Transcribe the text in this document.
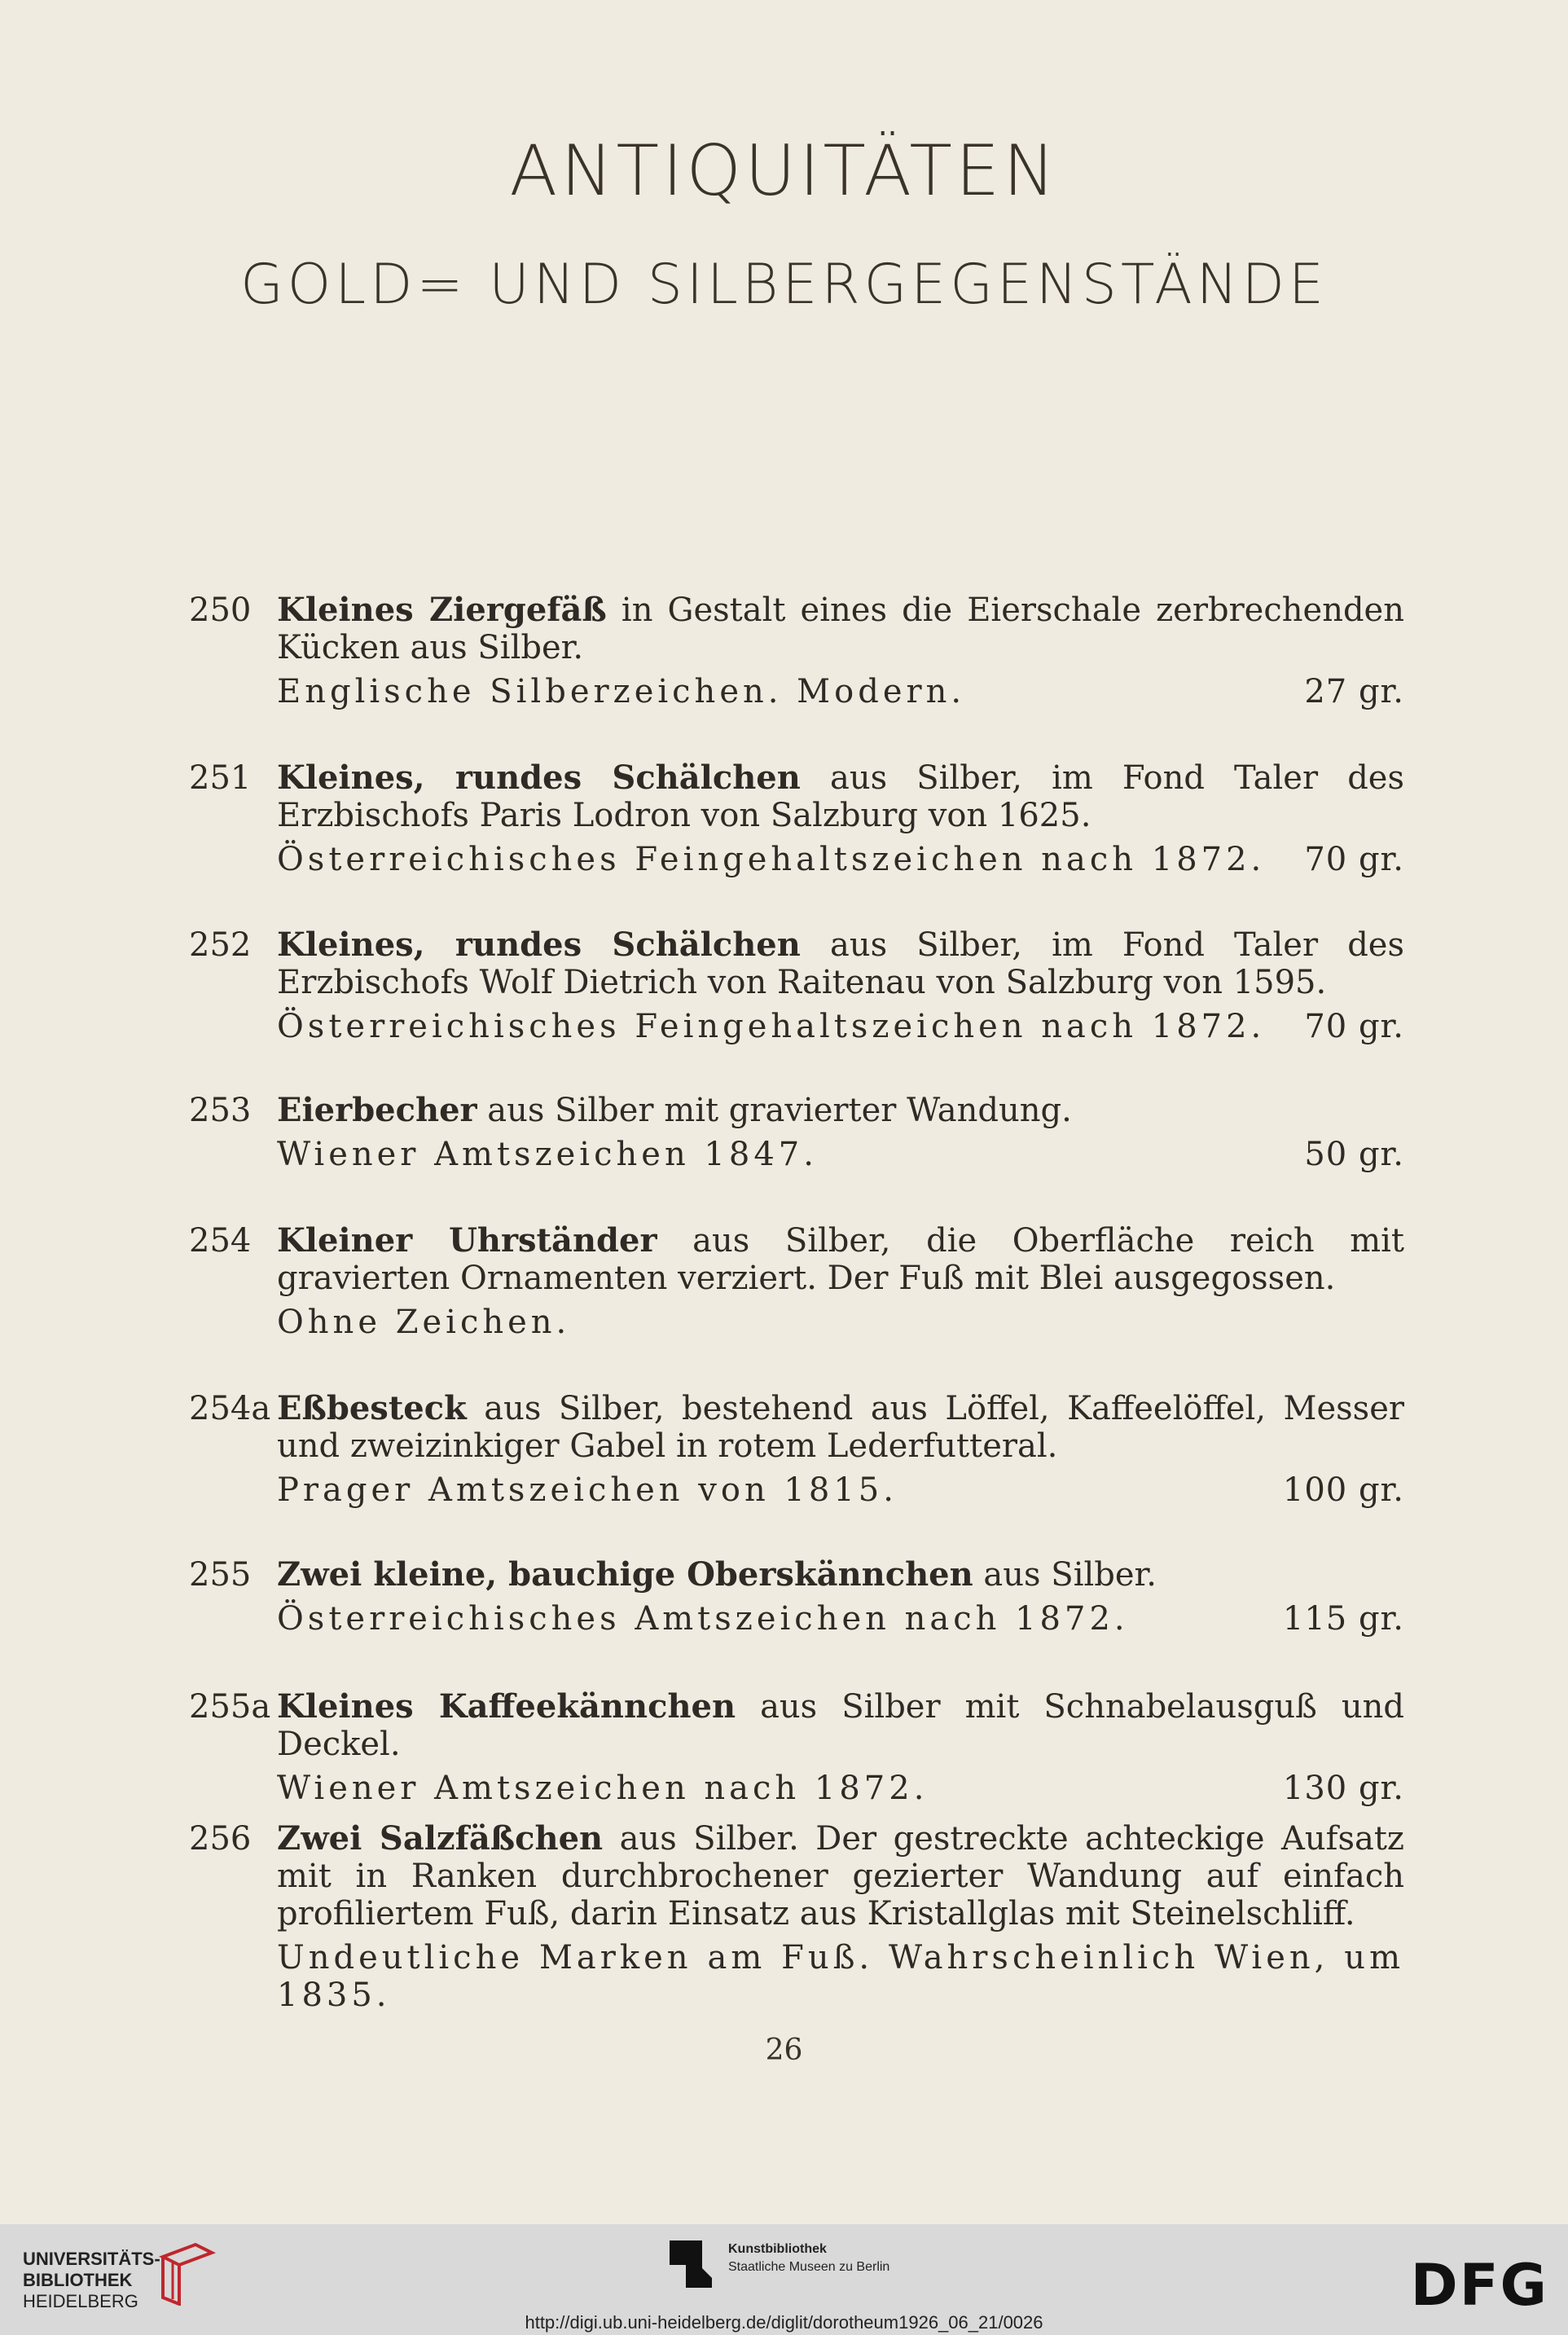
ANTIQUITÄTEN
GOLD= UND SILBERGEGENSTÄNDE
250 Kleines Ziergefäß in Gestalt eines die Eierschale zerbrechenden Kücken aus Silber.
Englische Silberzeichen. Modern.	27 gr.
251 Kleines, rundes Schälchen aus Silber, im Fond Taler des Erzbischofs Paris Lodron von Salzburg von 1625.
Österreichisches Feingehaltszeichen nach 1872. 70 gr.
252 Kleines, rundes Schälchen aus Silber, im Fond Taler des Erzbischofs Wolf Dietrich von Raitenau von Salzburg von 1595.
Österreichisches Feingehaltszeichen nach 1872. 70 gr.
253 Eierbecher aus Silber mit gravierter Wandung.
Wiener Amtszeichen 1847.	50 gr.
254 Kleiner Uhrständer aus Silber, die Oberfläche reich mit gravierten Ornamenten verziert. Der Fuß mit Blei ausgegossen.
Ohne Zeichen.
254a Eßbesteck aus Silber, bestehend aus Löffel, Kaffeelöffel, Messer und zweizinkiger Gabel in rotem Lederfutteral.
Prager Amtszeichen von 1815.	100 gr.
255 Zwei kleine, bauchige Oberskännchen aus Silber.
Österreichisches Amtszeichen nach 1872.	115 gr.
255a Kleines Kaffeekännchen aus Silber mit Schnabelausguß und Deckel.
Wiener Amtszeichen nach 1872.	130 gr.
256 Zwei Salzfäßchen aus Silber. Der gestreckte achteckige Aufsatz mit in Ranken durchbrochener gezierter Wandung auf einfach profiliertem Fuß, darin Einsatz aus Kristallglas mit Steinelschliff.
Undeutliche Marken am Fuß. Wahrscheinlich Wien, um 1835.
26
UNIVERSITÄTS-
BIBLIOTHEK
HEIDELBERG
Kunstbibliothek
Staatliche Museen zu Berlin	DFG
http://digi.ub.uni-heidelberg.de/diglit/dorotheum1926_06_21/0026
